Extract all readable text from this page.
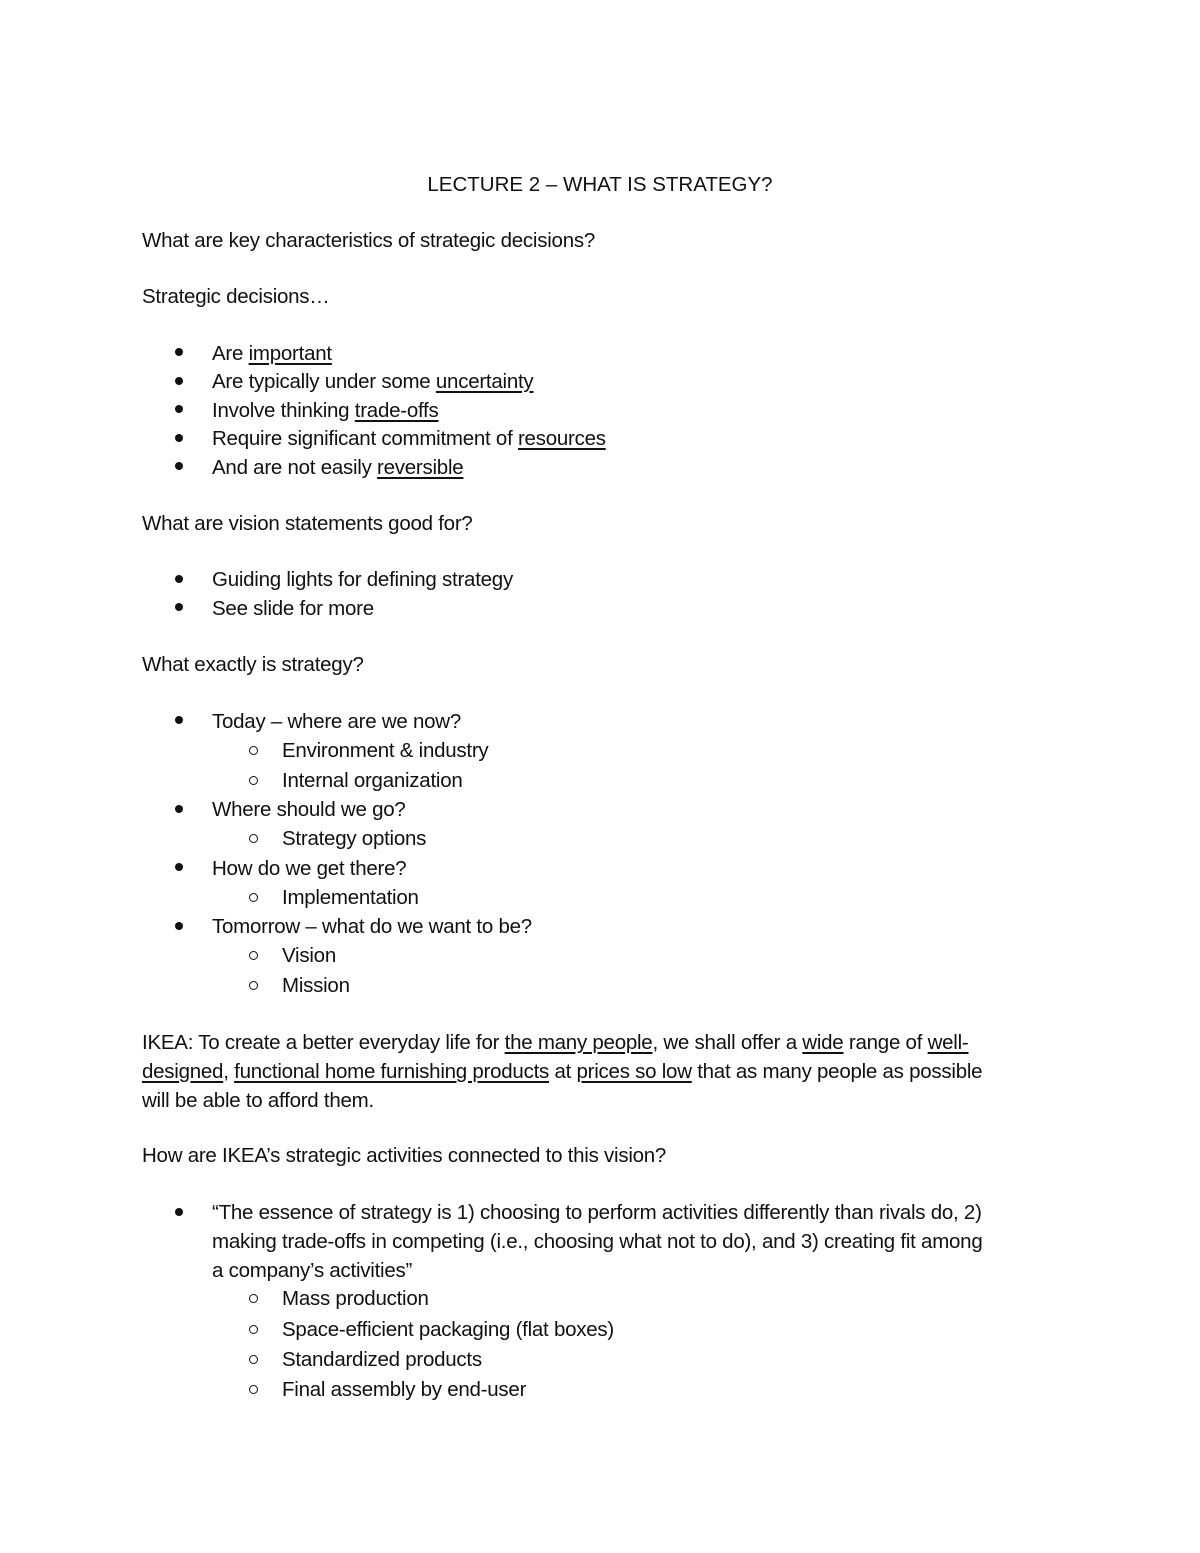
LECTURE 2 – WHAT IS STRATEGY?
What are key characteristics of strategic decisions?
Strategic decisions…
Are important
Are typically under some uncertainty
Involve thinking trade-offs
Require significant commitment of resources
And are not easily reversible
What are vision statements good for?
Guiding lights for defining strategy
See slide for more
What exactly is strategy?
Today – where are we now?
Environment & industry
Internal organization
Where should we go?
Strategy options
How do we get there?
Implementation
Tomorrow – what do we want to be?
Vision
Mission
IKEA: To create a better everyday life for the many people, we shall offer a wide range of well-
designed, functional home furnishing products at prices so low that as many people as possible
will be able to afford them.
How are IKEA’s strategic activities connected to this vision?
“The essence of strategy is 1) choosing to perform activities differently than rivals do, 2)
making trade-offs in competing (i.e., choosing what not to do), and 3) creating fit among
a company’s activities”
Mass production
Space-efficient packaging (flat boxes)
Standardized products
Final assembly by end-user
